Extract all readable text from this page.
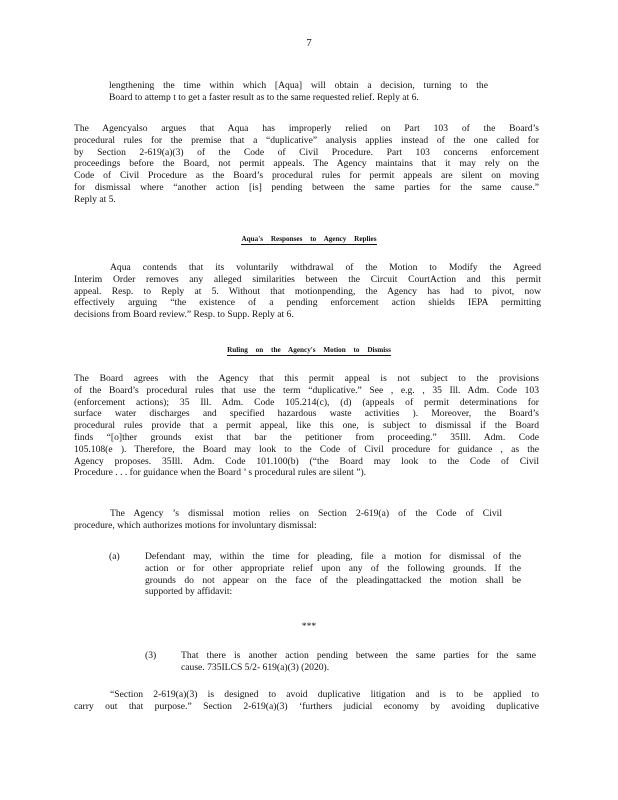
7
lengthening the time within which [Aqua] will obtain a decision, turning to the
Board to attemp t to get a faster result as to the same requested relief. Reply at 6.
The Agencyalso argues that Aqua has improperly relied on Part 103 of the Board’s
procedural rules for the premise that a “duplicative” analysis applies instead of the one called for
by Section 2-619(a)(3) of the Code of Civil Procedure. Part 103 concerns enforcement
proceedings before the Board, not permit appeals. The Agency maintains that it may rely on the
Code of Civil Procedure as the Board’s procedural rules for permit appeals are silent on moving
for dismissal where “another action [is] pending between the same parties for the same cause.”
Reply at 5.
Aqua's Responses to Agency Replies
Aqua contends that its voluntarily withdrawal of the Motion to Modify the Agreed
Interim Order removes any alleged similarities between the Circuit CourtAction and this permit
appeal. Resp. to Reply at 5. Without that motionpending, the Agency has had to pivot, now
effectively arguing “the existence of a pending enforcement action shields IEPA permitting
decisions from Board review.” Resp. to Supp. Reply at 6.
Ruling on the Agency's Motion to Dismiss
The Board agrees with the Agency that this permit appeal is not subject to the provisions
of the Board’s procedural rules that use the term “duplicative.” See , e.g. , 35 Ill. Adm. Code 103
(enforcement actions); 35 Ill. Adm. Code 105.214(c), (d) (appeals of permit determinations for
surface water discharges and specified hazardous waste activities ). Moreover, the Board’s
procedural rules provide that a permit appeal, like this one, is subject to dismissal if the Board
finds “[o]ther grounds exist that bar the petitioner from proceeding.” 35Ill. Adm. Code
105.108(e ). Therefore, the Board may look to the Code of Civil procedure for guidance , as the
Agency proposes. 35Ill. Adm. Code 101.100(b) (“the Board may look to the Code of Civil
Procedure . . . for guidance when the Board ’ s procedural rules are silent ”).
The Agency ’s dismissal motion relies on Section 2-619(a) of the Code of Civil
procedure, which authorizes motions for involuntary dismissal:
(a)	Defendant may, within the time for pleading, file a motion for dismissal of the
action or for other appropriate relief upon any of the following grounds. If the
grounds do not appear on the face of the pleadingattacked the motion shall be
supported by affidavit:
***
(3)	That there is another action pending between the same parties for the same
cause. 735ILCS 5/2- 619(a)(3) (2020).
“Section 2-619(a)(3) is designed to avoid duplicative litigation and is to be applied to
carry out that purpose.” Section 2-619(a)(3) ‘furthers judicial economy by avoiding duplicative
